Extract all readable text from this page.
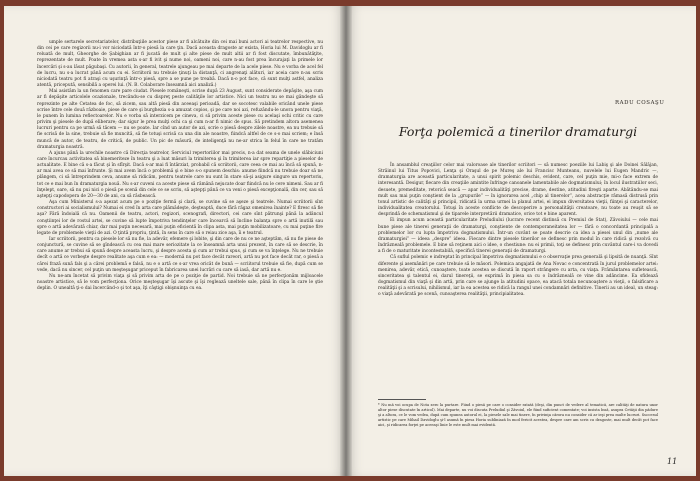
umple sertarele secretariatelor, distribuţiile acestor piese ar fi alcătuite din cei mai buni actori ai teatrelor respective, nu din cei pe care regizorii nu-i vor niciodată într-o piesă la care ţin. Dacă aceasta dragoste ar exista, Horia lui M. Davidoglu ar fi reluată de mult, Gheorghe de Şabighian ar fi jucată de mult şi alte piese de mult altii ar fi fost discutate, îmbunătăţite, reprezentate de mult. Poate în vremea asta s-ar fi ivit şi nume noi, oameni noi, care n-au fost prea încurajaţi la primele lor încercări şi s-au lăsat păgubaşi. Cu autorii, în general, teatrele ajungeau pe mai departe de la acele piese. Nu e vorba de acel fel de lucru, nu s-a lucrat până acum cu ei. Scriitorii nu trebuie ţinuţi la distanţă, ci angrenaţi alături, iar aceia care n-au scris niciodată teatru pot fi atraşi cu uşurinţă într-o piesă, spre a se pune pe treabă. Dacă n-o pot face, că sunt mulţi astfel, analiza atentă, pricepută, sensibilă a operei lui. (N. B. Colaborare înseamnă aici analiză.)

Mai asistăm la un fenomen care pare ciudat. Piesele româneşti, scrise după 23 August, sunt considerate depăşite, aşa cum ar fi depăşite articolele ocazionale, trecându-se cu dispreţ peste calităţile lor artistice. Nici un teatru nu se mai gândeşte să reprezinte pe alte Cetatea de foc, să zicem, sau altă piesă din aceeaşi perioadă, dar se socotesc valabile oricând unele piese scrise între cele două războaie, piese de care şi burghezia s-a amuzat copios, şi pe care noi azi, refuzându-le unora pentru viaţă, le punem în lumina reflectoarelor. Nu e vorba să interzicem pe cineva, ci să privim aceste piese cu acelaşi ochi critic cu care privim şi piesele de după eliberare; dar sigur le prea mulţi ochi ca şi cum n-ar fi nimic de spus. Să pretindem altora asemenea lucruri pentru ca pe urmă să tăcem — nu se poate. Iar cînd un autor de azi, scrie o piesă despre zilele noastre, ea nu trebuie să fie scrisă de la sine, trebuie să fie muncită, să fie totuşi scrisă ca una din ale noastre, fiindcă altfel de ce s-o mai scriem; e însă muncă de autor, de teatru, de critică, de public. Un pic de măsură, de inteligenţă nu ne-ar strica în felul în care ne tratăm dramaturgia noastră.

A ajuns până la urechile noastre că Direcţia teatrelor, Serviciul repertoriilor mai precis, n-a dat seama de unele slăbiciuni care încurcau activitatea să binemeriteze în teatru şi a luat măsuri la trimiterea şi în trimiterea iar spre repartiţie a pieselor de actualitate. E bine că s-a făcut şi în sfîrşit. Dacă s-ar mai fi întârziat, probabil că scriitorii, care ceea ce mai au încă să spună, n-ar mai avea ce să mai înfrunte. Şi mai avem încă o problemă şi e bine s-o spunem deschis: anume fiindcă nu trebuie doar să ne plângem, ci să întreprindem ceva, anume să ridicăm, pentru teatrele care nu sunt în stare să-şi asigure singure un repertoriu, tot ce e mai bun în dramaturgia nouă. Nu s-ar cuveni ca aceste piese să rămână nejucate doar fiindcă nu le cere nimeni. Sau ar fi înţelept, oare, să nu pui nici o piesă pe scenă din cele ce se scriu, să aştepţi până ce va veni o piesă excepţională, din cer, sau să aştepţi capodopera de 20—30 de ani, ca să răsbească.

Aşa cum Ministerul s-a aşezat acum pe o poziţie fermă şi clară, se cuvine să se aşeze şi teatrele. Numai scriitorii sînt constructori ai socialismului? Numai ei cred în arta care plămădeşte, deşteaptă, duce fără răgaz omenirea înainte? E firesc să fie aşa? Fără îndoială că nu. Oamenii de teatru, actori, regizori, scenografi, directori, cei care sînt pătrunşi până la adâncul conştiinţei lor de rostul artei, se cuvine să lupte împotriva tendinţelor care încearcă să încline balanţa spre o artă inutilă sau spre o artă adevărată chiar, dar mai puţin necesară, mai puţin eficientă în clipa asta, mai puţin mobilizatoare, cu mai puţine fire legate de problemele vieţii de azi. O ţintă propriu, ţintă, în sens în care să o reiau zice aşa, îi e teatrul.

Iar scriitorii, pentru ca piesele lor să nu fie, la adevăr, efemere şi lobite, şi din care de nu ce ne aşteptăm, să nu fie piese de conjunctură, se cuvine să se gîndească cu cea mai mare seriozitate la ce înseamnă arta unui prezent, în care să se descrie, în care anume ar trebui să spună despre aceasta lucru, şi despre acesta şi cum ar trebui spus, şi cum se va înţelege. Nu ne trebuie decît o artă ce vorbeşte despre realitate aşa cum e ea: — modernă nu pot face decât rareori, artă nu pot face decât rar, o piesă a cărei frază sună fals şi a cărei problemă e falsă, nu e o artă ce s-ar vrea oricât de bună — scriitorul trebuie să fie, după cum se vede, dacă nu sincer, cel puţin un meşteşugar priceput în fabricarea unei lucrări cu care să iasă, dar artă nu e.

Nu ne-am încetat să privim viaţa şi să privim arta de pe o poziţie de partid. Noi trebuie să ne perfecţionăm mijloacele noastre artistice, să le vom perfecţiona. Orice meşteşugar îşi ascute şi îşi reglează uneltele sale, până în clipa în care le ştie deplin. O unealtă ţi-o dai încercând-o şi tot aşa, îţi câştigi obişnuinţa cu ea.

RADU COSAŞU
Forţa polemică a tinerilor dramaturgi

În ansamblul creaţiilor celor mai valoroase ale tinerilor scriitori — să numesc poeziile lui Labiş şi ale Doinei Sălăjan, Străinul lui Titus Popovici, Lenţa şi Oraşul de pe Mureş ale lui Francisc Munteanu, nuvelele lui Eugen Mandric —, dramaturgia are această particularitate, a unui spirit polemic deschis, evident, care, cel puţin mie, mi-o face extrem de interesantă. Desigur, fiecare din creaţiile amintite înfringe canoanele lamentabile ale dogmatismului; în locul ilustratiilor seci, desuete, premeditate, retorică seacă — apar individualităţi precise, drame, destine, atitudini fireşti aparte. Abătându-se mai mult sau mai puţin conştient de la „grupurile” — în ignorarea acel „chip al tinerelor”, acea abstracţie rămasă distrusă prin tonul artistic de calităţi şi principii, ridicată la urma urmei la planul artei, ei impun diversitatea vieţii, fiinţei şi caracterelor, individualitatea creatorului. Totuşi în aceste conflicte de descoperire a personalităţii creatoare, nu toate au reuşit să se desprindă de schematismul şi de tiparele interpretării dramatice, orice tot e bine aparent.

Ei impun acum această particularitate Preludiului (lucrare recent distinsă cu Premiul de Stat), Zăvoiului — cele mai bune piese ale tinerei generaţii de dramaturgi, conştiente de contemporaneitatea lor — fără o concordantă principală a problemelor lor cu lupta împotriva dogmatismului. Într-un cuvânt se poate descrie ca idea a piesei unul din „nume ale dramaturgiei” — ideea „despre” ideea. Fiecare dintre piesele tinerilor se definesc prin modul în care ridică şi rezolvă cu îndrăzneală problemele. E bine să reţinem aici o idee, o chestiune: nu ei primii, toţi se definesc prin cuvântul care-i va dovedi a fi de o maturitate incontestabilă, specifică tinerei generaţii de dramaturgi.

Că suflul polemic e indreptat în principal împotriva dogmatismului e o observaţie prea generală şi lipsită de nuanţă. Sînt diferente şi asemănări pe care trebuie să le măsori. Polemica angajată de Ana Novac e concentrată în jurul problemelor artei: menirea, adevăr, etică, cunoaştere, toate acestea se discută în raport strângere cu arta, cu viaţa. Frământarea sufletească, sinceritatea şi talentul ei, darul tinereţii, se exprimă în piesa sa cu o îndrăzneală ce vine din adâncime. Ea sfidează dogmatismul din viaţă şi din artă, prin care se ajunge la atitudini opace, ea atacă totala necunoaştere a vieţii, o falsificare a realităţii şi a scrisului, nihilismul, iar la ea acestea se ridică la rangul unei condamnări definitive. Tinerii au un ideal, un steag: o viaţă adevărată pe scenă, cunoaşterea realităţii, principialitatea.

* Nu mă voi ocupa de Nota zero la purtare. Fiind o piesă pe care o consider ratată (deşi, din punct de vedere al tematicii, are calităţi de natura unor altor piese discutate în articol). Mai departe, nu voi discuta Preludiul şi Zăvoiul, ele fiind suficient comentate; voi insista însă, asupra Cetăţii din pădure şi a altora, ce le vom vedea, după cum spunea autorul ei, la piesele sale mai tinere, în privinţa cărora nu consider că ar ieşi prea multe lucruri. Succesul artistic pe care Mihail Davidoglu şi-l asumă în piesa Horia subliniază în mod fericit acestea, despre care am scris cu dragoste, mai mult decât pot face aici, şi ridicarea forţei pe aceeaşi linie le este mult mai evidentă.
11
